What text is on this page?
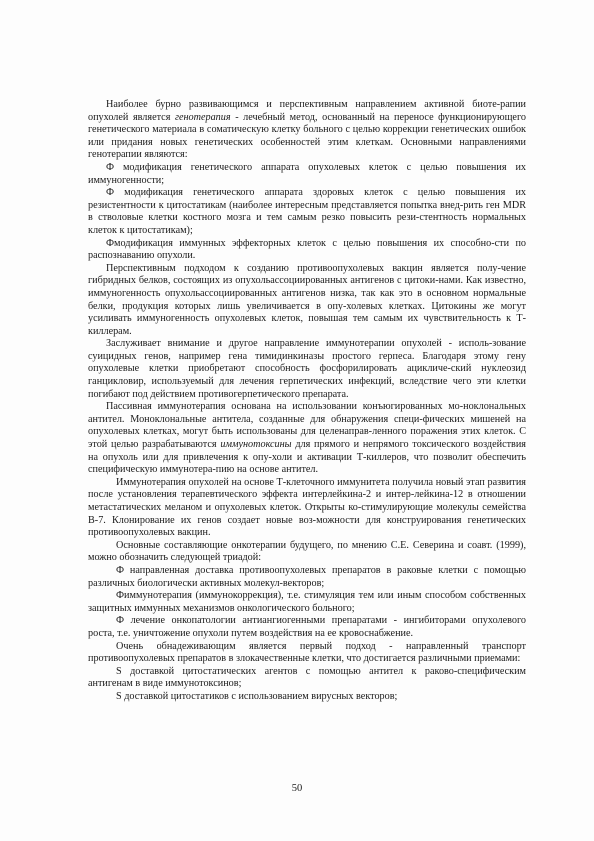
Наиболее бурно развивающимся и перспективным направлением активной биоте-рапии опухолей является генотерапия - лечебный метод, основанный на переносе функционирующего генетического материала в соматическую клетку больного с целью коррекции генетических ошибок или придания новых генетических особенностей этим клеткам. Основными направлениями генотерапии являются:

Ф модификация генетического аппарата опухолевых клеток с целью повышения их иммуногенности;

Ф модификация генетического аппарата здоровых клеток с целью повышения их резистентности к цитостатикам (наиболее интересным представляется попытка внед-рить ген MDR в стволовые клетки костного мозга и тем самым резко повысить рези-стентность нормальных клеток к цитостатикам);

Фмодификация иммунных эффекторных клеток с целью повышения их способно-сти по распознаванию опухоли.

Перспективным подходом к созданию противоопухолевых вакцин является полу-чение гибридных белков, состоящих из опухольассоциированных антигенов с цитоки-нами. Как известно, иммуногенность опухольассоциированных антигенов низка, так как это в основном нормальные белки, продукция которых лишь увеличивается в опу-холевых клетках. Цитокины же могут усиливать иммуногенность опухолевых клеток, повышая тем самым их чувствительность к Т-киллерам.

Заслуживает внимание и другое направление иммунотерапии опухолей - исполь-зование суицидных генов, например гена тимидинкиназы простого герпеса. Благодаря этому гену опухолевые клетки приобретают способность фосфорилировать ацикличе-ский нуклеозид ганцикловир, используемый для лечения герпетических инфекций, вследствие чего эти клетки погибают под действием противогерпетического препарата.

Пассивная иммунотерапия основана на использовании конъюгированных мо-ноклональных антител. Моноклональные антитела, созданные для обнаружения специ-фических мишеней на опухолевых клетках, могут быть использованы для целенаправ-ленного поражения этих клеток. С этой целью разрабатываются иммунотоксины для прямого и непрямого токсического воздействия на опухоль или для привлечения к опу-холи и активации Т-киллеров, что позволит обеспечить специфическую иммунотера-пию на основе антител.

Иммунотерапия опухолей на основе Т-клеточного иммунитета получила новый этап развития после установления терапевтического эффекта интерлейкина-2 и интер-лейкина-12 в отношении метастатических меланом и опухолевых клеток. Открыты ко-стимулирующие молекулы семейства В-7. Клонирование их генов создает новые воз-можности для конструирования генетических противоопухолевых вакцин.

Основные составляющие онкотерапии будущего, по мнению С.Е. Северина и соавт. (1999), можно обозначить следующей триадой:

Ф направленная доставка противоопухолевых препаратов в раковые клетки с помощью различных биологически активных молекул-векторов;

Фиммунотерапия (иммунокоррекция), т.е. стимуляция тем или иным способом собственных защитных иммунных механизмов онкологического больного;

Ф лечение онкопатологии антиангиогенными препаратами - ингибиторами опухолевого роста, т.е. уничтожение опухоли путем воздействия на ее кровоснабжение.

Очень обнадеживающим является первый подход - направленный транспорт противоопухолевых препаратов в злокачественные клетки, что достигается различными приемами:

S доставкой цитостатических агентов с помощью антител к раково-специфическим антигенам в виде иммунотоксинов;

S доставкой цитостатиков с использованием вирусных векторов;

50
